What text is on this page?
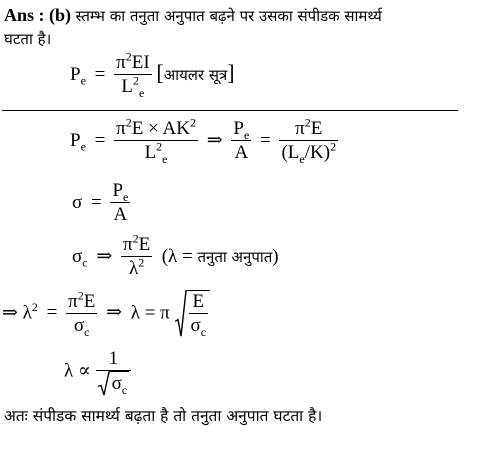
Ans : (b) स्तम्भ का तनुता अनुपात बढ़ने पर उसका संपीडक सामर्थ्य
घटता है।
$P_e = \frac{\pi^2EI}{L^2_e}$ [आयलर सूत्र]
$P_e = \frac{\pi^2E \times AK^2}{L^2_e}$ ⇒ $\frac{P_e}{A} = \frac{\pi^2E}{(L_e/K)^2}$
$\sigma = \frac{P_e}{A}$
$\sigma_c$ ⇒ $\frac{\pi^2E}{\lambda^2} (\lambda$ = तनुता अनुपात)
⇒ $\lambda^2 = \frac{\pi^2E}{\sigma_c}$ ⇒ λ = π $\frac{E}{\sigma_c}$
$\lambda \propto \frac{1}{\sigma_c}$
अतः संपीडक सामर्थ्य बढ़ता है तो तनुता अनुपात घटता है।
